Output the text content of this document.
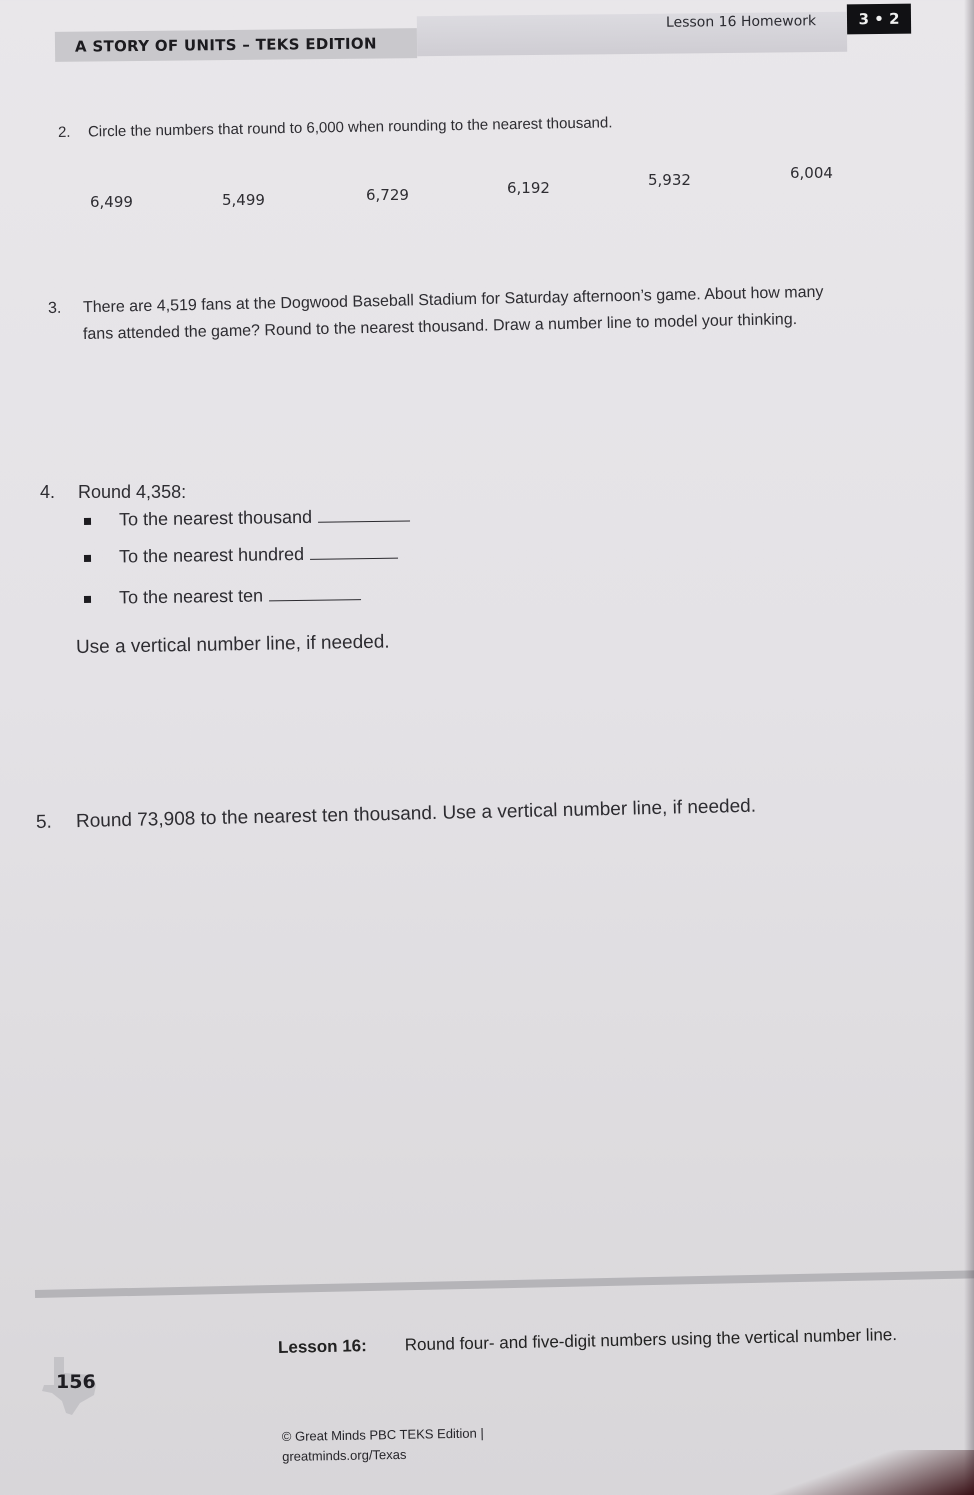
A STORY OF UNITS – TEKS EDITION
Lesson 16 Homework	3 • 2
2. Circle the numbers that round to 6,000 when rounding to the nearest thousand.
6,499	5,499	6,729	6,192	5,932	6,004
3. There are 4,519 fans at the Dogwood Baseball Stadium for Saturday afternoon’s game. About how many
fans attended the game? Round to the nearest thousand. Draw a number line to model your thinking.
4. Round 4,358:
To the nearest thousand
To the nearest hundred
To the nearest ten
Use a vertical number line, if needed.
5. Round 73,908 to the nearest ten thousand. Use a vertical number line, if needed.
156
Lesson 16: Round four- and five-digit numbers using the vertical number line.
© Great Minds PBC TEKS Edition |
greatminds.org/Texas
